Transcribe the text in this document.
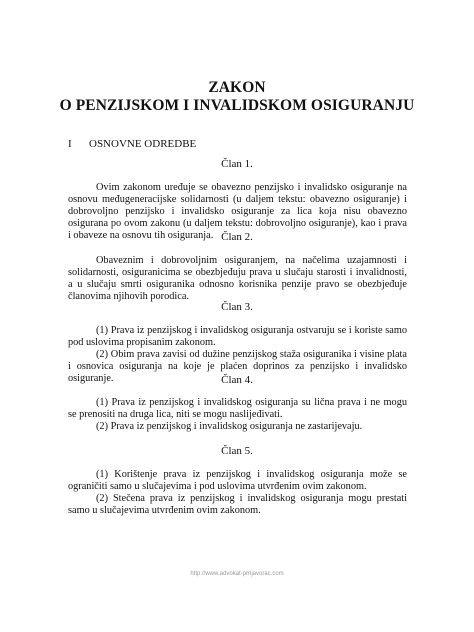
ZAKON
O PENZIJSKOM I INVALIDSKOM OSIGURANJU
I OSNOVNE ODREDBE
Član 1.
Ovim zakonom uređuje se obavezno penzijsko i invalidsko osiguranje na osnovu međugeneracijske solidarnosti (u daljem tekstu: obavezno osiguranje) i dobrovoljno penzijsko i invalidsko osiguranje za lica koja nisu obavezno osigurana po ovom zakonu (u daljem tekstu: dobrovoljno osiguranje), kao i prava i obaveze na osnovu tih osiguranja. Član 2.
Obaveznim i dobrovoljnim osiguranjem, na načelima uzajamnosti i solidarnosti, osiguranicima se obezbjeđuju prava u slučaju starosti i invalidnosti, a u slučaju smrti osiguranika odnosno korisnika penzije pravo se obezbjeđuje članovima njihovih porodica.
Član 3.
(1) Prava iz penzijskog i invalidskog osiguranja ostvaruju se i koriste samo pod uslovima propisanim zakonom.
(2) Obim prava zavisi od dužine penzijskog staža osiguranika i visine plata i osnovica osiguranja na koje je plaćen doprinos za penzijsko i invalidsko osiguranje.	Član 4.
(1) Prava iz penzijskog i invalidskog osiguranja su lična prava i ne mogu se prenositi na druga lica, niti se mogu naslijeđivati.
(2) Prava iz penzijskog i invalidskog osiguranja ne zastarijevaju.
Član 5.
(1) Korištenje prava iz penzijskog i invalidskog osiguranja može se ograničiti samo u slučajevima i pod uslovima utvrđenim ovim zakonom.
(2) Stečena prava iz penzijskog i invalidskog osiguranja mogu prestati samo u slučajevima utvrđenim ovim zakonom.
http://www.advokat-prnjavorac.com
